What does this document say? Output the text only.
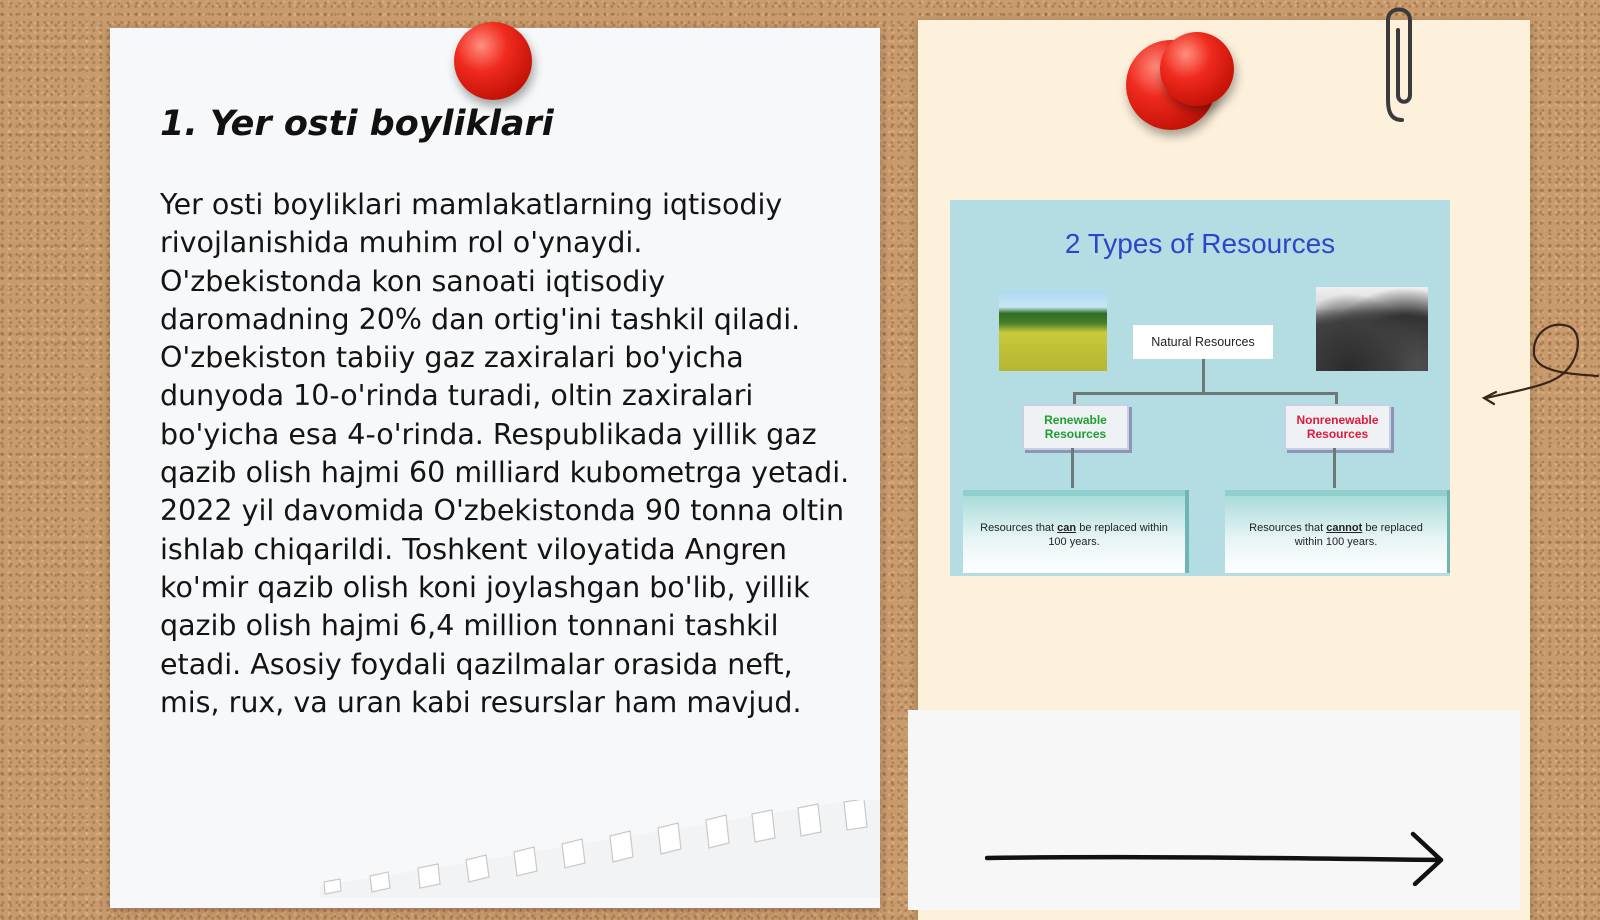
1. Yer osti boyliklari

Yer osti boyliklari mamlakatlarning iqtisodiy rivojlanishida muhim rol o'ynaydi. O'zbekistonda kon sanoati iqtisodiy daromadning 20% dan ortig'ini tashkil qiladi. O'zbekiston tabiiy gaz zaxiralari bo'yicha dunyoda 10-o'rinda turadi, oltin zaxiralari bo'yicha esa 4-o'rinda. Respublikada yillik gaz qazib olish hajmi 60 milliard kubometrga yetadi. 2022 yil davomida O'zbekistonda 90 tonna oltin ishlab chiqarildi. Toshkent viloyatida Angren ko'mir qazib olish koni joylashgan bo'lib, yillik qazib olish hajmi 6,4 million tonnani tashkil etadi. Asosiy foydali qazilmalar orasida neft, mis, rux, va uran kabi resurslar ham mavjud.

2 Types of Resources

Natural Resources
Renewable
Resources
Nonrenewable
Resources
Resources that can be replaced within 100 years.
Resources that cannot be replaced within 100 years.
